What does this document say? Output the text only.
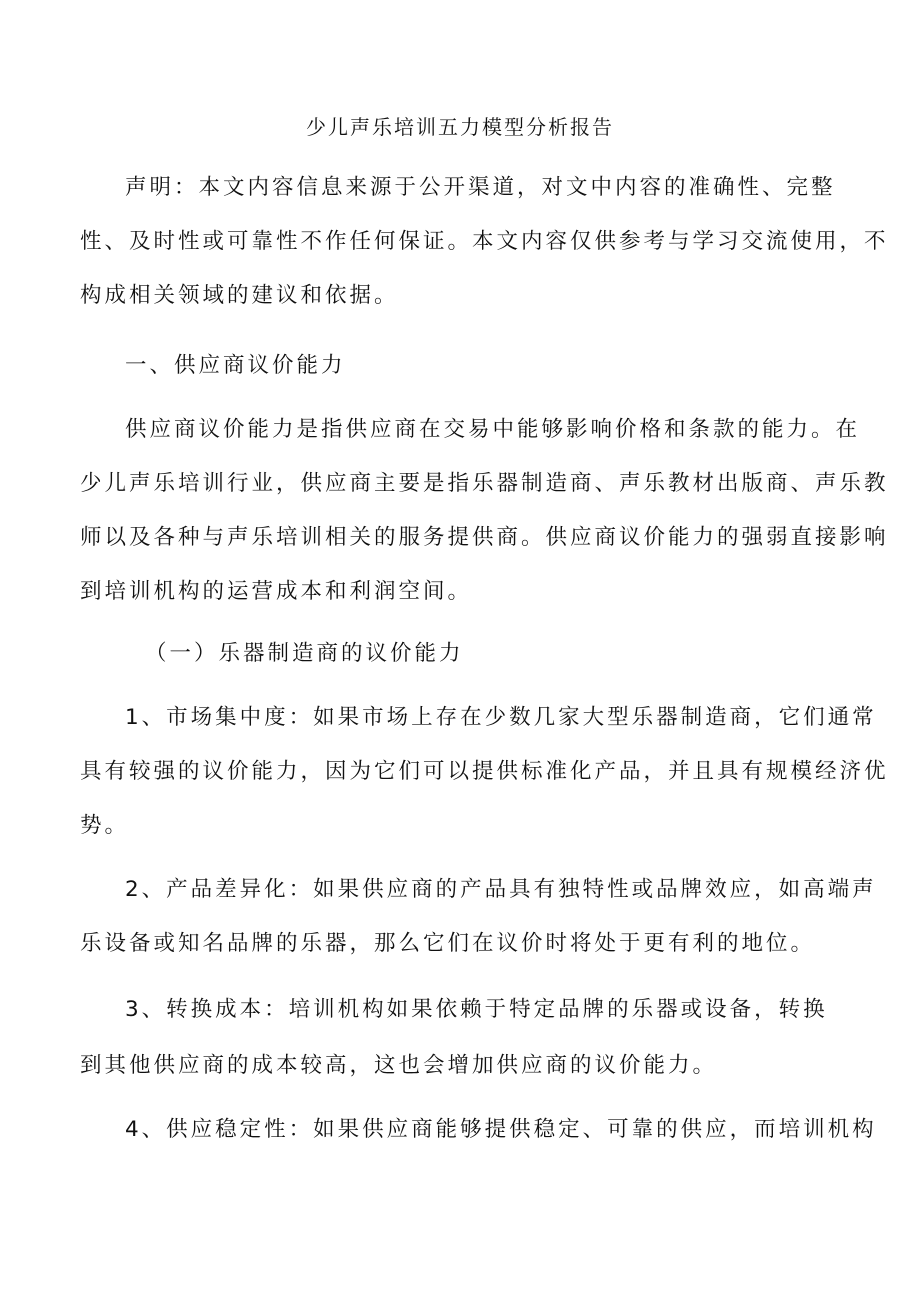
少儿声乐培训五力模型分析报告
声明：本文内容信息来源于公开渠道，对文中内容的准确性、完整
性、及时性或可靠性不作任何保证。本文内容仅供参考与学习交流使用，不
构成相关领域的建议和依据。
一、供应商议价能力
供应商议价能力是指供应商在交易中能够影响价格和条款的能力。在
少儿声乐培训行业，供应商主要是指乐器制造商、声乐教材出版商、声乐教
师以及各种与声乐培训相关的服务提供商。供应商议价能力的强弱直接影响
到培训机构的运营成本和利润空间。
（一）乐器制造商的议价能力
1、市场集中度：如果市场上存在少数几家大型乐器制造商，它们通常
具有较强的议价能力，因为它们可以提供标准化产品，并且具有规模经济优
势。
2、产品差异化：如果供应商的产品具有独特性或品牌效应，如高端声
乐设备或知名品牌的乐器，那么它们在议价时将处于更有利的地位。
3、转换成本：培训机构如果依赖于特定品牌的乐器或设备，转换
到其他供应商的成本较高，这也会增加供应商的议价能力。
4、供应稳定性：如果供应商能够提供稳定、可靠的供应，而培训机构
